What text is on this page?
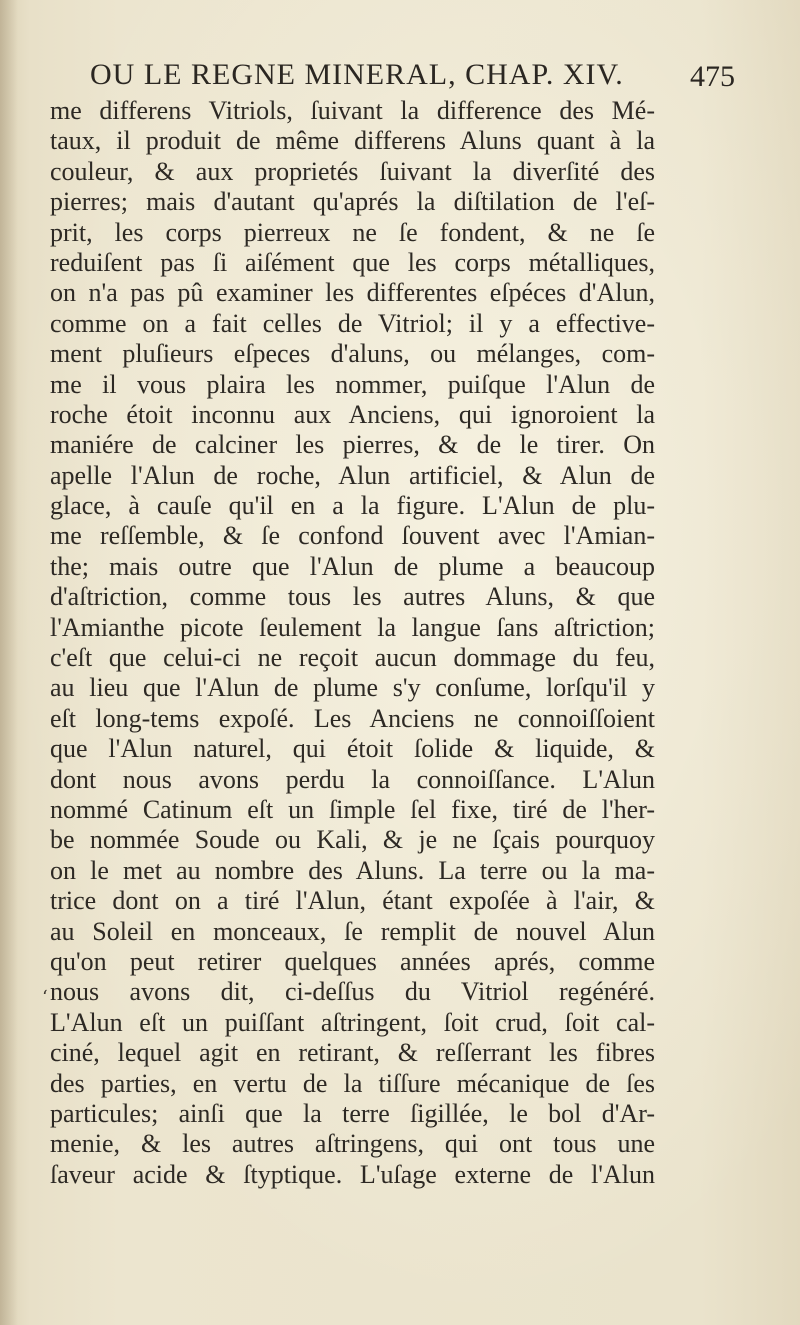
OU LE REGNE MINERAL, CHAP. XIV.	475
me differens Vitriols, ſuivant la difference des Mé-
taux, il produit de même differens Aluns quant à la
couleur, & aux proprietés ſuivant la diverſité des
pierres; mais d'autant qu'aprés la diſtilation de l'eſ-
prit, les corps pierreux ne ſe fondent, & ne ſe
reduiſent pas ſi aiſément que les corps métalliques,
on n'a pas pû examiner les differentes eſpéces d'Alun,
comme on a fait celles de Vitriol; il y a effectivе-
ment pluſieurs eſpeces d'aluns, ou mélanges, com-
me il vous plaira les nommer, puiſque l'Alun de
roche étoit inconnu aux Anciens, qui ignoroient la
maniére de calciner les pierres, & de le tirer. On
apelle l'Alun de roche, Alun artificiel, & Alun de
glace, à cauſe qu'il en a la figure. L'Alun de plu-
me reſſemble, & ſe confond ſouvent avec l'Amian-
the; mais outre que l'Alun de plume a beaucoup
d'aſtriction, comme tous les autres Aluns, & que
l'Amianthe picote ſeulement la langue ſans aſtriction;
c'eſt que celui-ci ne reçoit aucun dommage du feu,
au lieu que l'Alun de plume s'y conſume, lorſqu'il y
eſt long-tems expoſé. Les Anciens ne connoiſſoient
que l'Alun naturel, qui étoit ſolide & liquide, &
dont nous avons perdu la connoiſſance. L'Alun
nommé Catinum eſt un ſimple ſel fixe, tiré de l'her-
be nommée Soude ou Kali, & je ne ſçais pourquoy
on le met au nombre des Aluns. La terre ou la ma-
trice dont on a tiré l'Alun, étant expoſée à l'air, &
au Soleil en monceaux, ſe remplit de nouvel Alun
qu'on peut retirer quelques années aprés, comme
nous avons dit, ci-deſſus du Vitriol regénéré.
L'Alun eſt un puiſſant aſtringent, ſoit crud, ſoit cal-
ciné, lequel agit en retirant, & reſſerrant les fibres
des parties, en vertu de la tiſſure mécanique de ſes
particules; ainſi que la terre ſigillée, le bol d'Ar-
menie, & les autres aſtringens, qui ont tous une
ſaveur acide & ſtyptique. L'uſage externe de l'Alun
‘
